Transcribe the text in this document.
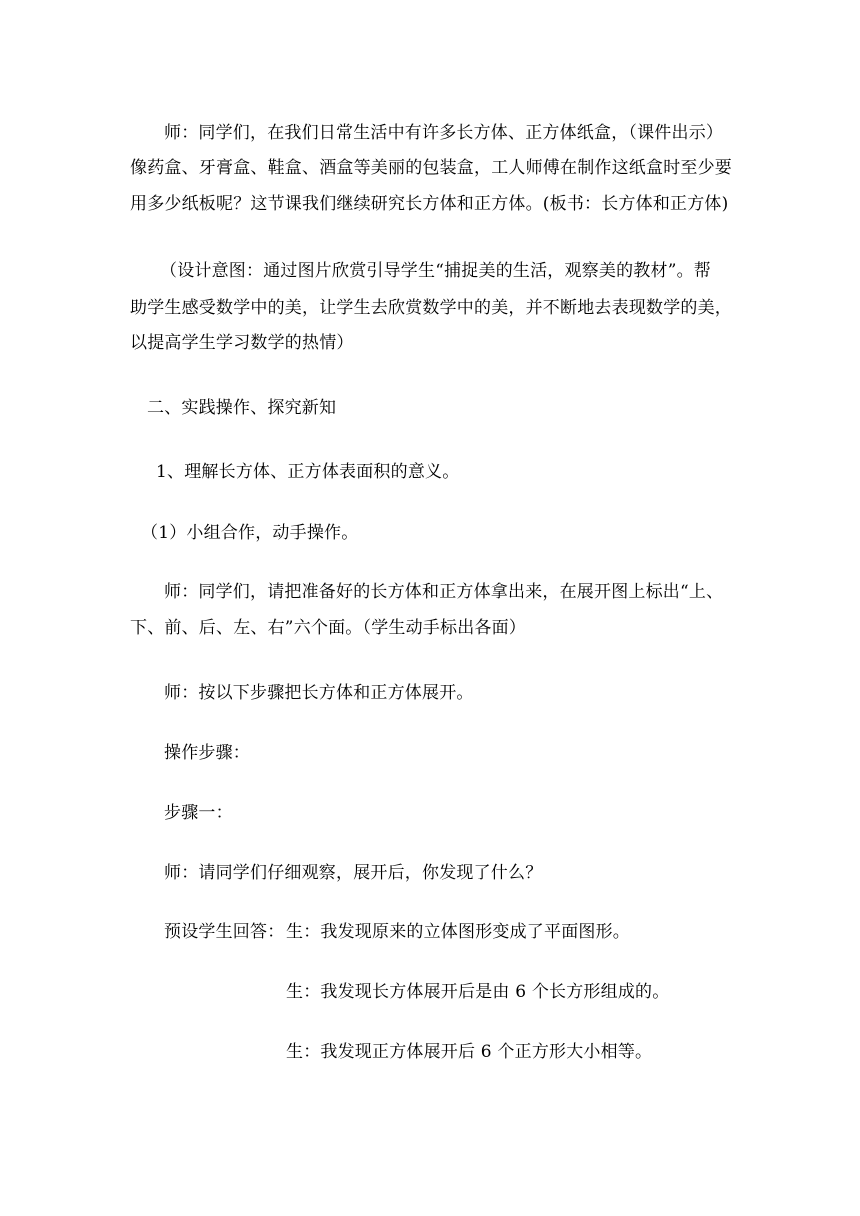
师：同学们，在我们日常生活中有许多长方体、正方体纸盒，（课件出示）
像药盒、牙膏盒、鞋盒、酒盒等美丽的包装盒，工人师傅在制作这纸盒时至少要
用多少纸板呢？这节课我们继续研究长方体和正方体。(板书：长方体和正方体)
（设计意图：通过图片欣赏引导学生“捕捉美的生活，观察美的教材”。帮
助学生感受数学中的美，让学生去欣赏数学中的美，并不断地去表现数学的美，
以提高学生学习数学的热情）
二、实践操作、探究新知
1、理解长方体、正方体表面积的意义。
（1）小组合作，动手操作。
师：同学们，请把准备好的长方体和正方体拿出来，在展开图上标出“上、
下、前、后、左、右”六个面。（学生动手标出各面）
师：按以下步骤把长方体和正方体展开。
操作步骤：
步骤一：
师：请同学们仔细观察，展开后，你发现了什么？
预设学生回答： 生：我发现原来的立体图形变成了平面图形。
生：我发现长方体展开后是由 6 个长方形组成的。
生：我发现正方体展开后 6 个正方形大小相等。
